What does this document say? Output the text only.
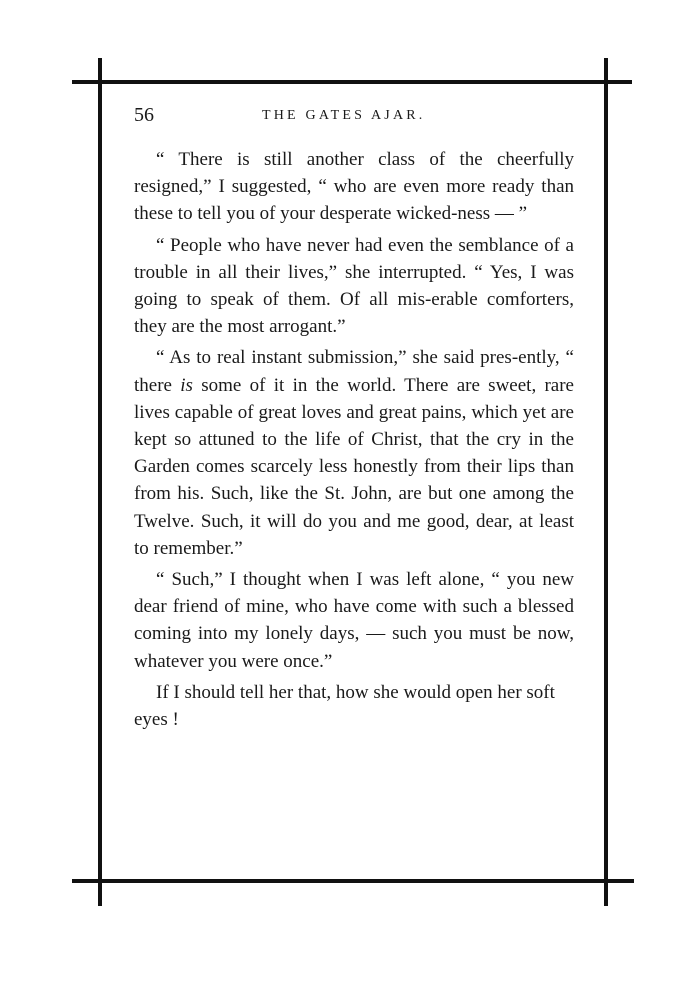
56	THE GATES AJAR.

“ There is still another class of the cheerfully resigned,” I suggested, “ who are even more ready than these to tell you of your desperate wicked-ness — ”

“ People who have never had even the semblance of a trouble in all their lives,” she interrupted. “ Yes, I was going to speak of them. Of all mis-erable comforters, they are the most arrogant.”

“ As to real instant submission,” she said pres-ently, “ there is some of it in the world. There are sweet, rare lives capable of great loves and great pains, which yet are kept so attuned to the life of Christ, that the cry in the Garden comes scarcely less honestly from their lips than from his. Such, like the St. John, are but one among the Twelve. Such, it will do you and me good, dear, at least to remember.”

“ Such,” I thought when I was left alone, “ you new dear friend of mine, who have come with such a blessed coming into my lonely days, — such you must be now, whatever you were once.”

If I should tell her that, how she would open her soft eyes !
